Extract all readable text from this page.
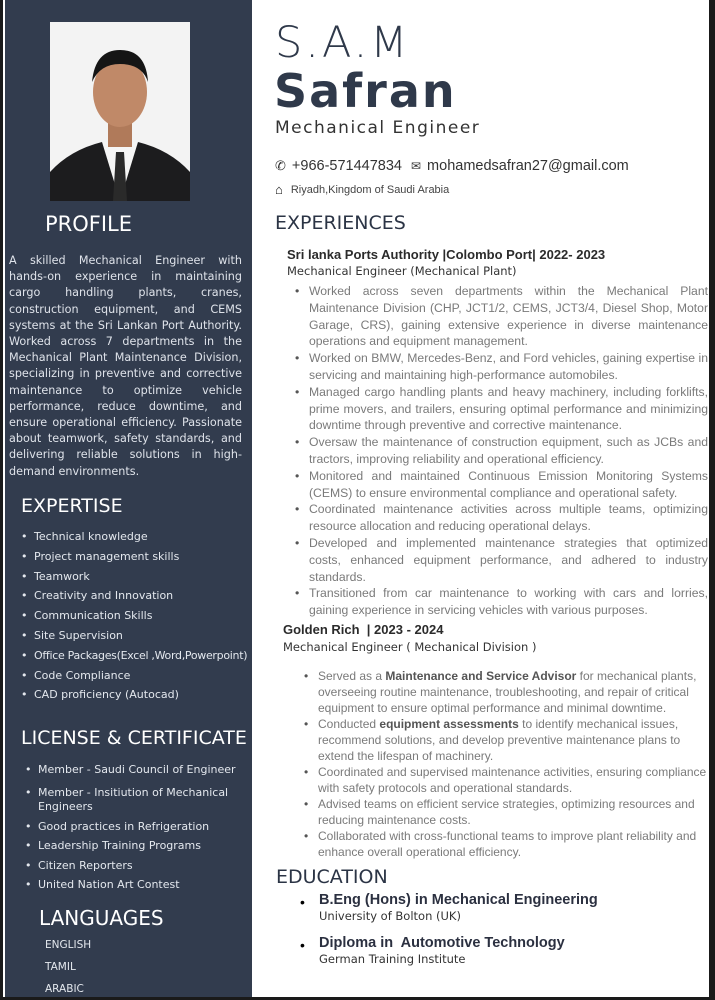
PROFILE

A skilled Mechanical Engineer with hands-on experience in maintaining cargo handling plants, cranes, construction equipment, and CEMS systems at the Sri Lankan Port Authority. Worked across 7 departments in the Mechanical Plant Maintenance Division, specializing in preventive and corrective maintenance to optimize vehicle performance, reduce downtime, and ensure operational efficiency. Passionate about teamwork, safety standards, and delivering reliable solutions in high-demand environments.

EXPERTISE
• Technical knowledge
• Project management skills
• Teamwork
• Creativity and Innovation
• Communication Skills
• Site Supervision
• Office Packages(Excel ,Word,Powerpoint)
• Code Compliance
• CAD proficiency (Autocad)
LICENSE & CERTIFICATE
• Member - Saudi Council of Engineer
• Member - Insitiution of Mechanical Engineers
• Good practices in Refrigeration
• Leadership Training Programs
• Citizen Reporters
• United Nation Art Contest
LANGUAGES
ENGLISH
TAMIL
ARABIC
S.A.M
Safran
Mechanical Engineer
✆ +966-571447834 ✉ mohamedsafran27@gmail.com
⌂ Riyadh,Kingdom of Saudi Arabia
EXPERIENCES
Sri lanka Ports Authority |Colombo Port| 2022- 2023
Mechanical Engineer (Mechanical Plant)
• Worked across seven departments within the Mechanical Plant Maintenance Division (CHP, JCT1/2, CEMS, JCT3/4, Diesel Shop, Motor Garage, CRS), gaining extensive experience in diverse maintenance operations and equipment management.
• Worked on BMW, Mercedes-Benz, and Ford vehicles, gaining expertise in servicing and maintaining high-performance automobiles.
• Managed cargo handling plants and heavy machinery, including forklifts, prime movers, and trailers, ensuring optimal performance and minimizing downtime through preventive and corrective maintenance.
• Oversaw the maintenance of construction equipment, such as JCBs and tractors, improving reliability and operational efficiency.
• Monitored and maintained Continuous Emission Monitoring Systems (CEMS) to ensure environmental compliance and operational safety.
• Coordinated maintenance activities across multiple teams, optimizing resource allocation and reducing operational delays.
• Developed and implemented maintenance strategies that optimized costs, enhanced equipment performance, and adhered to industry standards.
• Transitioned from car maintenance to working with cars and lorries, gaining experience in servicing vehicles with various purposes.
Golden Rich  | 2023 - 2024
Mechanical Engineer ( Mechanical Division )
• Served as a Maintenance and Service Advisor for mechanical plants, overseeing routine maintenance, troubleshooting, and repair of critical equipment to ensure optimal performance and minimal downtime.
• Conducted equipment assessments to identify mechanical issues, recommend solutions, and develop preventive maintenance plans to extend the lifespan of machinery.
• Coordinated and supervised maintenance activities, ensuring compliance with safety protocols and operational standards.
• Advised teams on efficient service strategies, optimizing resources and reducing maintenance costs.
• Collaborated with cross-functional teams to improve plant reliability and enhance overall operational efficiency.
EDUCATION
• B.Eng (Hons) in Mechanical Engineering
University of Bolton (UK)
• Diploma in  Automotive Technology
German Training Institute
